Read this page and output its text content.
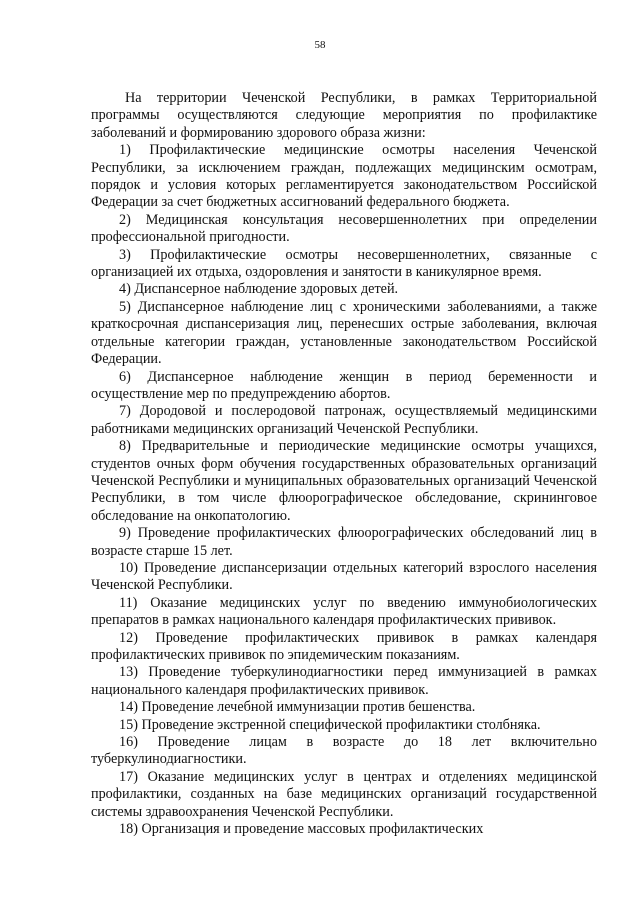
58

На территории Чеченской Республики, в рамках Территориальной программы осуществляются следующие мероприятия по профилактике заболеваний и формированию здорового образа жизни:

1) Профилактические медицинские осмотры населения Чеченской Республики, за исключением граждан, подлежащих медицинским осмотрам, порядок и условия которых регламентируется законодательством Российской Федерации за счет бюджетных ассигнований федерального бюджета.

2) Медицинская консультация несовершеннолетних при определении профессиональной пригодности.

3) Профилактические осмотры несовершеннолетних, связанные с организацией их отдыха, оздоровления и занятости в каникулярное время.

4) Диспансерное наблюдение здоровых детей.

5) Диспансерное наблюдение лиц с хроническими заболеваниями, а также краткосрочная диспансеризация лиц, перенесших острые заболевания, включая отдельные категории граждан, установленные законодательством Российской Федерации.

6) Диспансерное наблюдение женщин в период беременности и осуществление мер по предупреждению абортов.

7) Дородовой и послеродовой патронаж, осуществляемый медицинскими работниками медицинских организаций Чеченской Республики.

8) Предварительные и периодические медицинские осмотры учащихся, студентов очных форм обучения государственных образовательных организаций Чеченской Республики и муниципальных образовательных организаций Чеченской Республики, в том числе флюорографическое обследование, скрининговое обследование на онкопатологию.

9) Проведение профилактических флюорографических обследований лиц в возрасте старше 15 лет.

10) Проведение диспансеризации отдельных категорий взрослого населения Чеченской Республики.

11) Оказание медицинских услуг по введению иммунобиологических препаратов в рамках национального календаря профилактических прививок.

12) Проведение профилактических прививок в рамках календаря профилактических прививок по эпидемическим показаниям.

13) Проведение туберкулинодиагностики перед иммунизацией в рамках национального календаря профилактических прививок.

14) Проведение лечебной иммунизации против бешенства.

15) Проведение экстренной специфической профилактики столбняка.

16) Проведение лицам в возрасте до 18 лет включительно туберкулинодиагностики.

17) Оказание медицинских услуг в центрах и отделениях медицинской профилактики, созданных на базе медицинских организаций государственной системы здравоохранения Чеченской Республики.

18) Организация и проведение массовых профилактических
